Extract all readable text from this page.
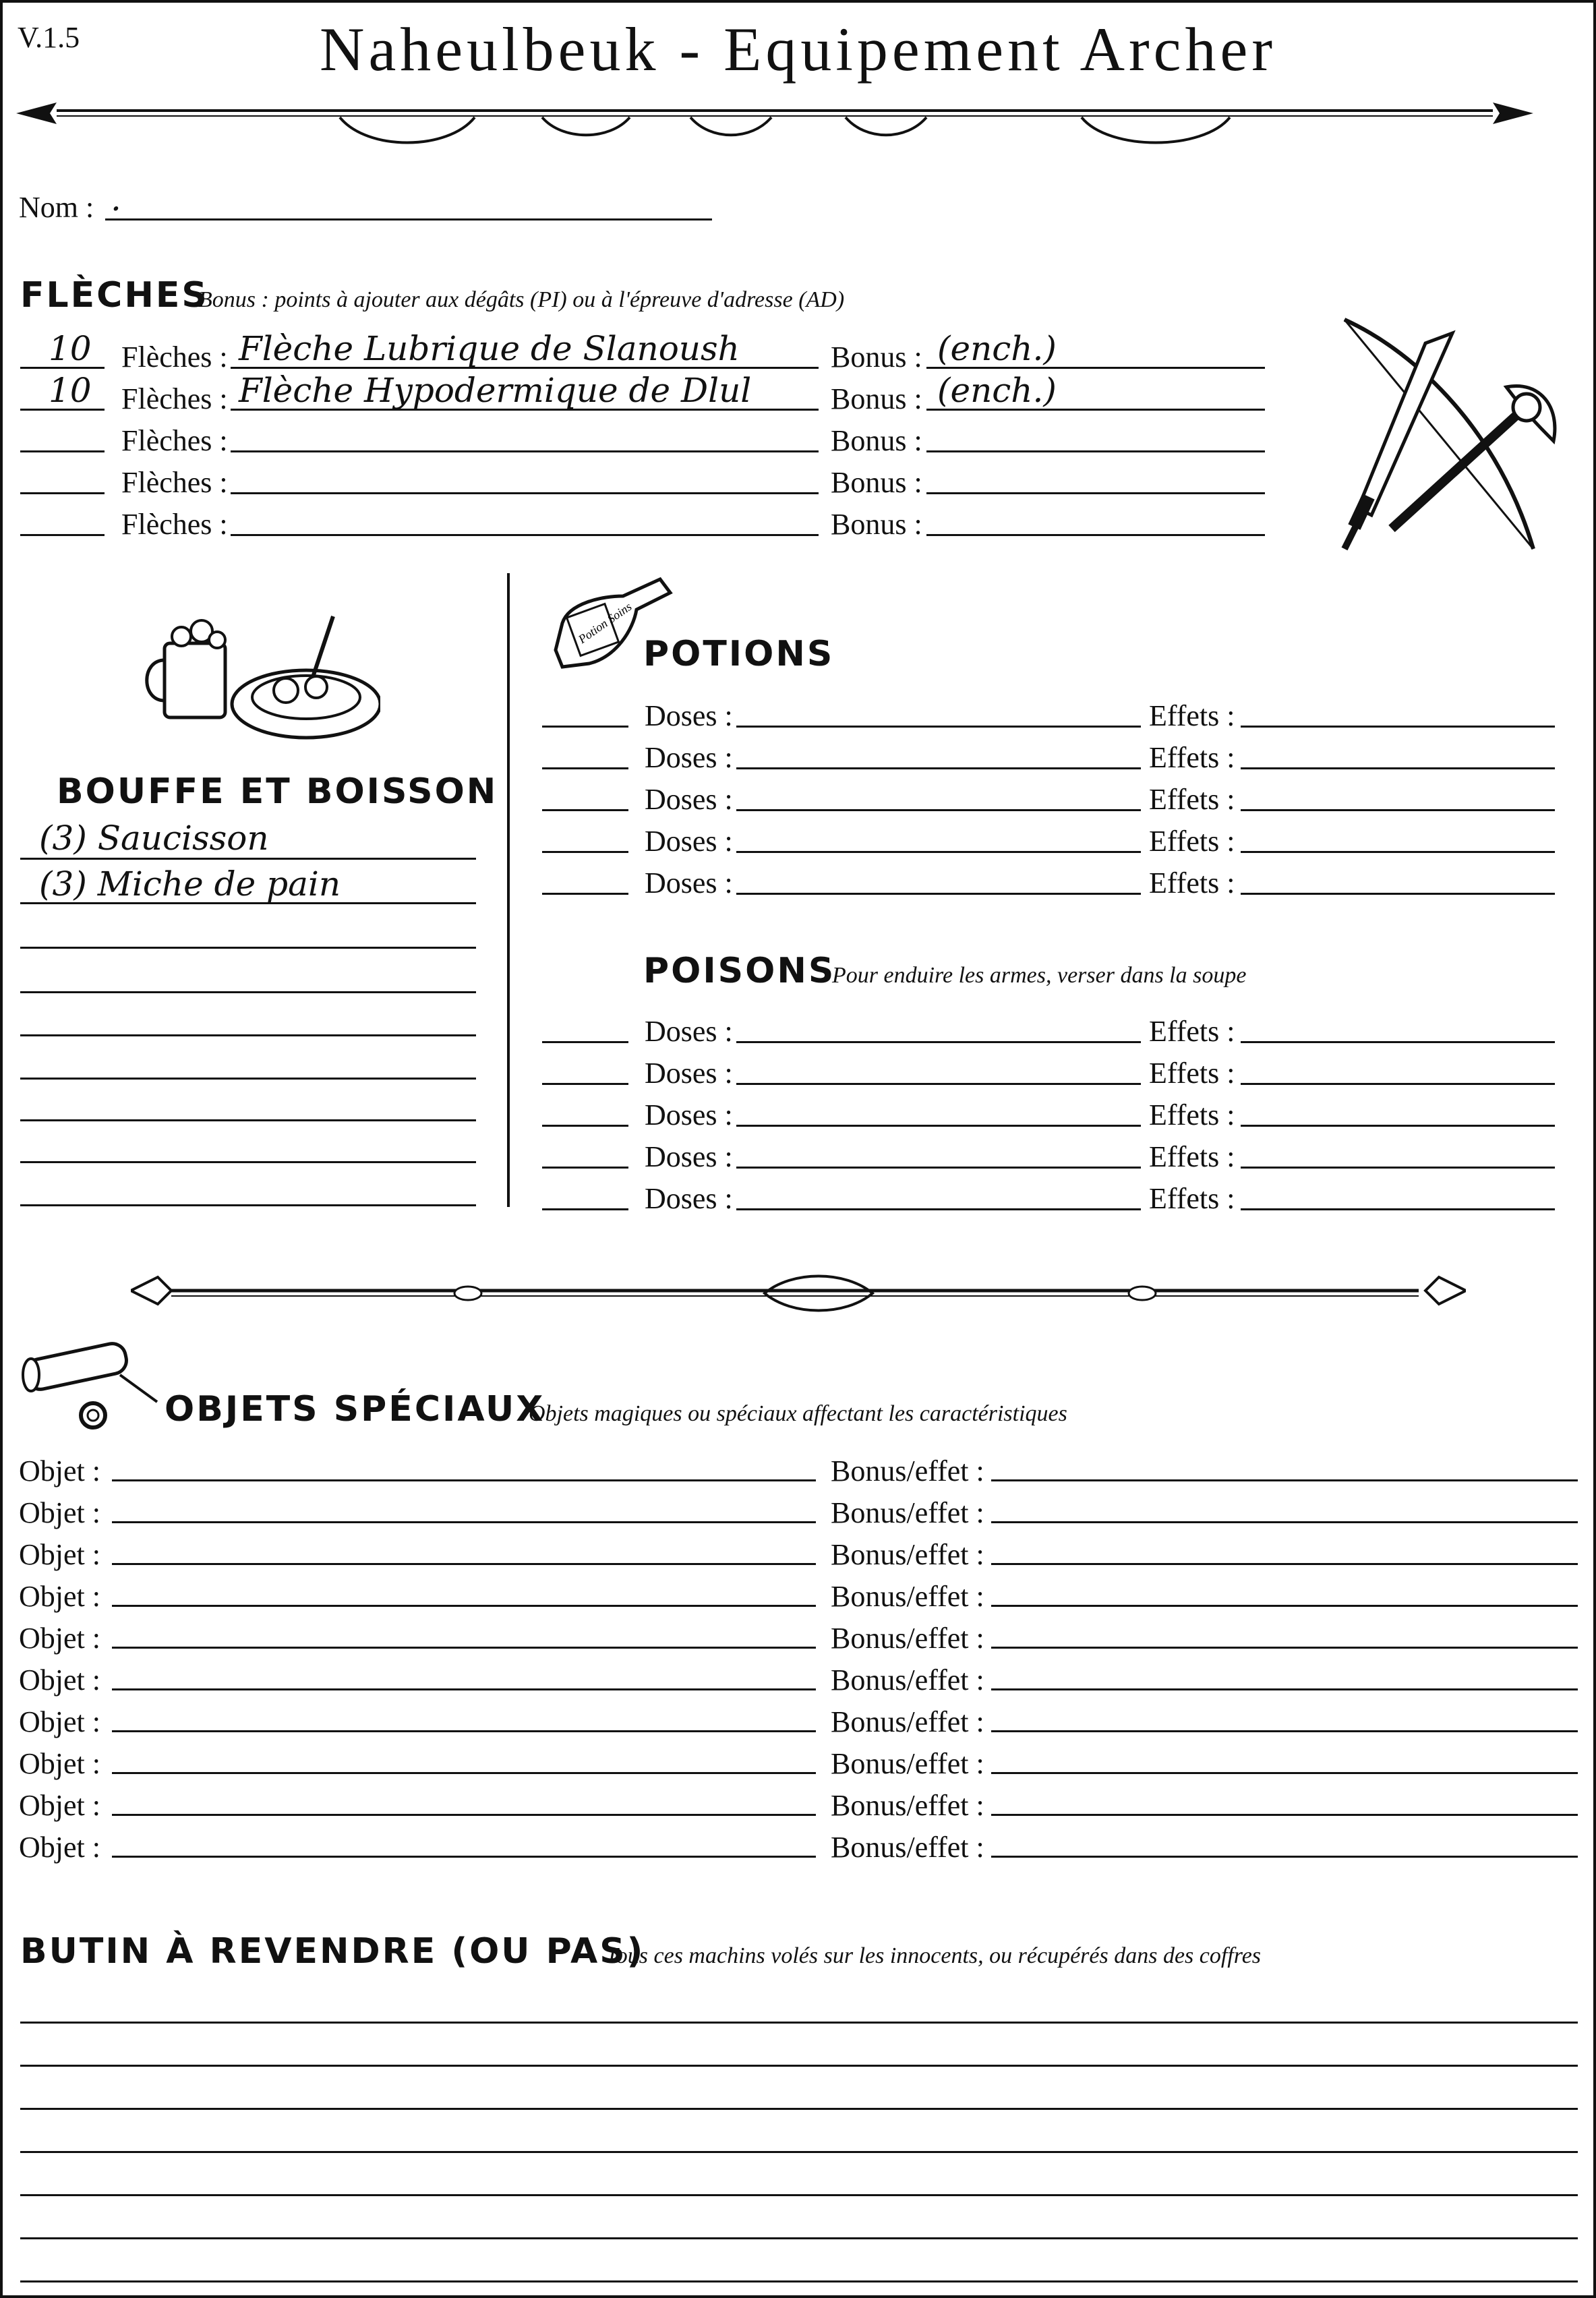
V.1.5	Naheulbeuk - Equipement Archer
Nom : .
FLÈCHES
Bonus : points à ajouter aux dégâts (PI) ou à l'épreuve d'adresse (AD)
10 Flèches : Flèche Lubrique de Slanoush	Bonus : (ench.)
10 Flèches : Flèche Hypodermique de Dlul	Bonus : (ench.)
Flèches :	Bonus :
Flèches :	Bonus :
Flèches :	Bonus :
BOUFFE ET BOISSON
(3) Saucisson
(3) Miche de pain
Potion Soins
POTIONS
Doses :	Effets :
Doses :	Effets :
Doses :	Effets :
Doses :	Effets :
Doses :	Effets :
POISONS
Pour enduire les armes, verser dans la soupe
Doses :	Effets :
Doses :	Effets :
Doses :	Effets :
Doses :	Effets :
Doses :	Effets :
OBJETS SPÉCIAUX
Objets magiques ou spéciaux affectant les caractéristiques
Objet :	Bonus/effet :
Objet :	Bonus/effet :
Objet :	Bonus/effet :
Objet :	Bonus/effet :
Objet :	Bonus/effet :
Objet :	Bonus/effet :
Objet :	Bonus/effet :
Objet :	Bonus/effet :
Objet :	Bonus/effet :
Objet :	Bonus/effet :
BUTIN À REVENDRE (OU PAS)
Tous ces machins volés sur les innocents, ou récupérés dans des coffres
